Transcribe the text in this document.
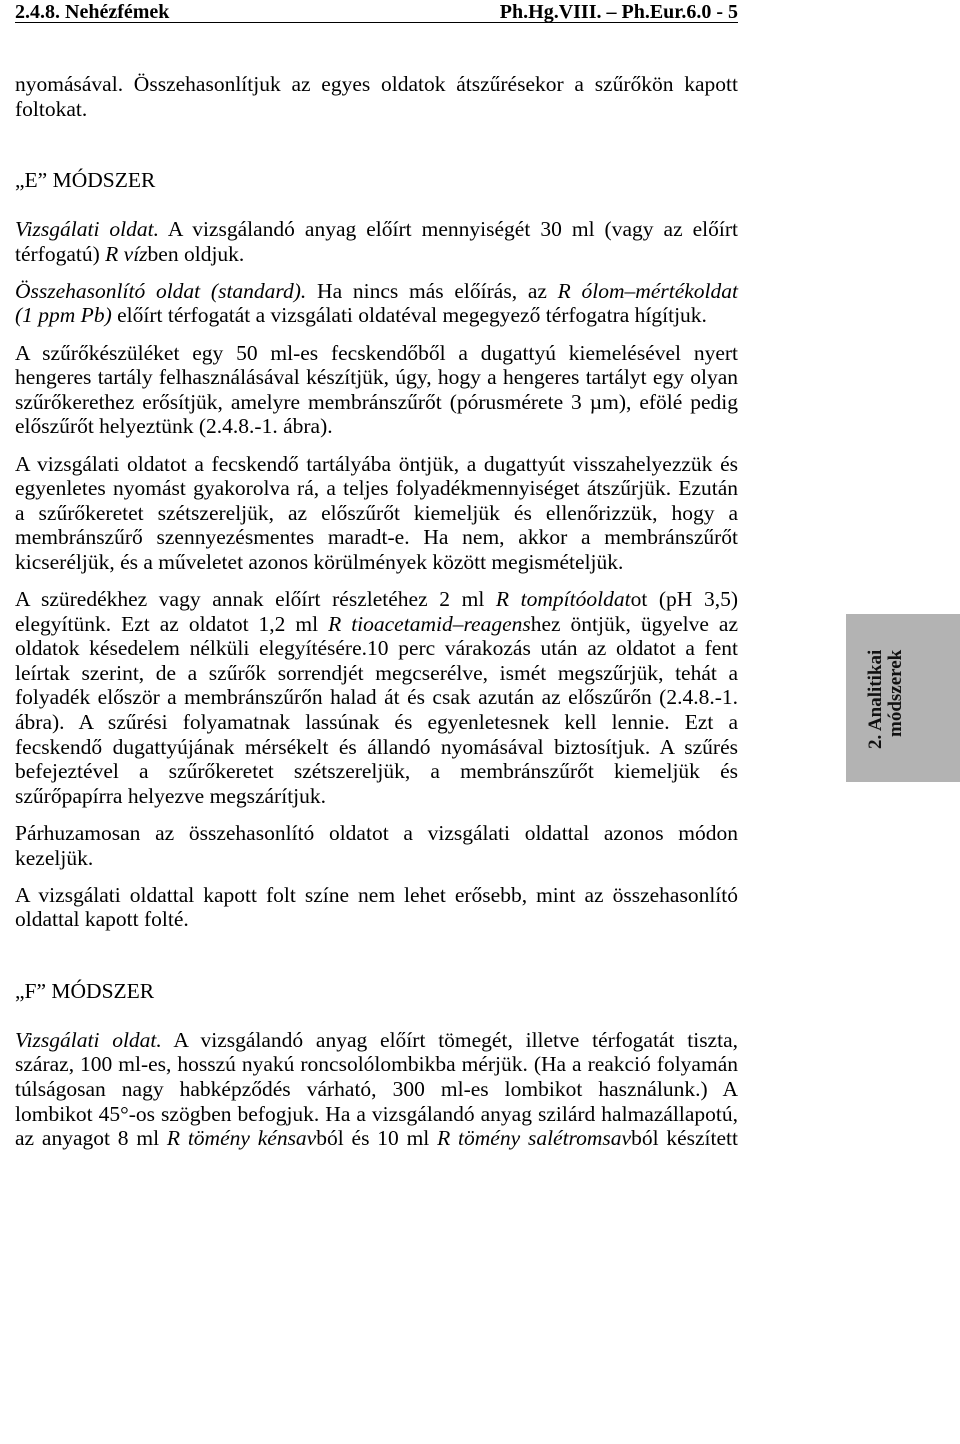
2.4.8. Nehézfémek	Ph.Hg.VIII. – Ph.Eur.6.0 - 5
nyomásával. Összehasonlítjuk az egyes oldatok átszűrésekor a szűrőkön kapott
foltokat.
„E” MÓDSZER
Vizsgálati oldat. A vizsgálandó anyag előírt mennyiségét 30 ml (vagy az előírt
térfogatú) R vízben oldjuk.
Összehasonlító oldat (standard). Ha nincs más előírás, az R ólom–mértékoldat
(1 ppm Pb) előírt térfogatát a vizsgálati oldatéval megegyező térfogatra hígítjuk.
A szűrőkészüléket egy 50 ml-es fecskendőből a dugattyú kiemelésével nyert
hengeres tartály felhasználásával készítjük, úgy, hogy a hengeres tartályt egy olyan
szűrőkerethez erősítjük, amelyre membránszűrőt (pórusmérete 3 µm), efölé pedig
előszűrőt helyeztünk (2.4.8.-1. ábra).
A vizsgálati oldatot a fecskendő tartályába öntjük, a dugattyút visszahelyezzük és
egyenletes nyomást gyakorolva rá, a teljes folyadékmennyiséget átszűrjük. Ezután
a szűrőkeretet szétszereljük, az előszűrőt kiemeljük és ellenőrizzük, hogy a
membránszűrő szennyezésmentes maradt-e. Ha nem, akkor a membránszűrőt
kicseréljük, és a műveletet azonos körülmények között megismételjük.
A szüredékhez vagy annak előírt részletéhez 2 ml R tompítóoldatot (pH 3,5)
elegyítünk. Ezt az oldatot 1,2 ml R tioacetamid–reagenshez öntjük, ügyelve az
oldatok késedelem nélküli elegyítésére.10 perc várakozás után az oldatot a fent
leírtak szerint, de a szűrők sorrendjét megcserélve, ismét megszűrjük, tehát a
folyadék először a membránszűrőn halad át és csak azután az előszűrőn (2.4.8.-1.
ábra). A szűrési folyamatnak lassúnak és egyenletesnek kell lennie. Ezt a
fecskendő dugattyújának mérsékelt és állandó nyomásával biztosítjuk. A szűrés
befejeztével a szűrőkeretet szétszereljük, a membránszűrőt kiemeljük és
szűrőpapírra helyezve megszárítjuk.
Párhuzamosan az összehasonlító oldatot a vizsgálati oldattal azonos módon
kezeljük.
A vizsgálati oldattal kapott folt színe nem lehet erősebb, mint az összehasonlító
oldattal kapott folté.
„F” MÓDSZER
Vizsgálati oldat. A vizsgálandó anyag előírt tömegét, illetve térfogatát tiszta,
száraz, 100 ml-es, hosszú nyakú roncsolólombikba mérjük. (Ha a reakció folyamán
túlságosan nagy habképződés várható, 300 ml-es lombikot használunk.) A
lombikot 45°-os szögben befogjuk. Ha a vizsgálandó anyag szilárd halmazállapotú,
az anyagot 8 ml R tömény kénsavból és 10 ml R tömény salétromsavból készített
2. Analitikai módszerek
